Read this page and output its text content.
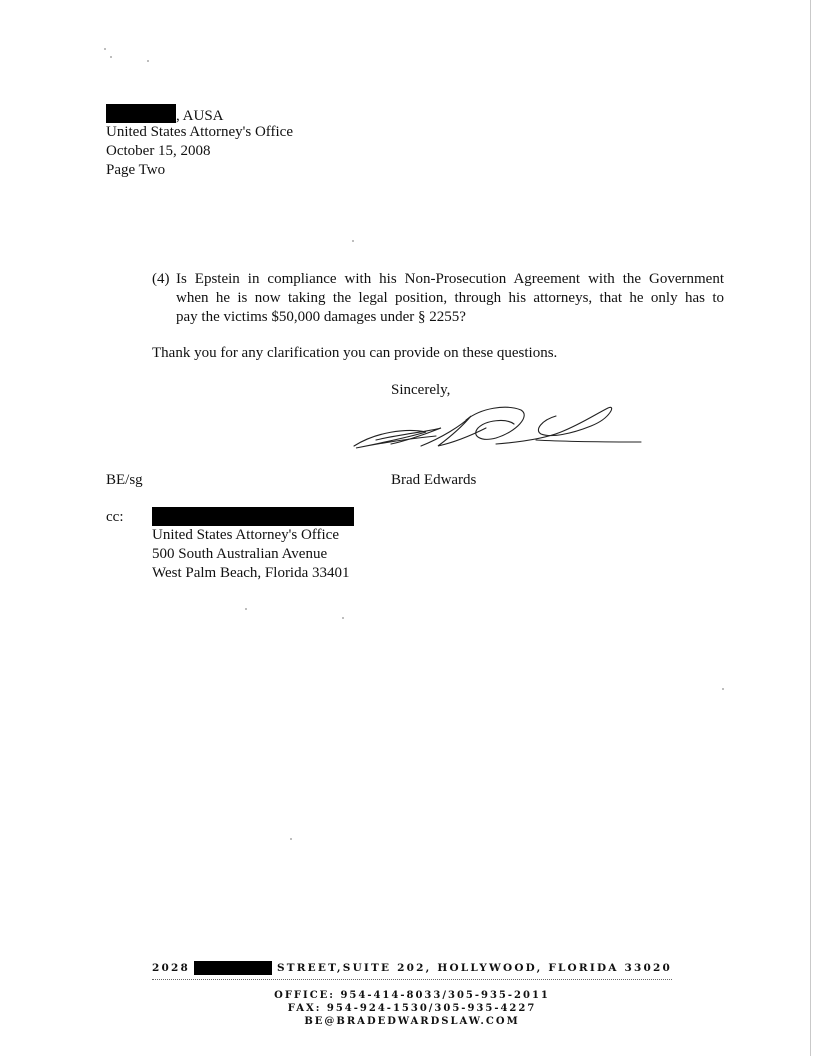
, AUSA
United States Attorney's Office
October 15, 2008
Page Two
(4) Is Epstein in compliance with his Non-Prosecution Agreement with the Government
when he is now taking the legal position, through his attorneys, that he only has to
pay the victims $50,000 damages under § 2255?
Thank you for any clarification you can provide on these questions.
Sincerely,
BE/sg	Brad Edwards
cc:
United States Attorney's Office
500 South Australian Avenue
West Palm Beach, Florida 33401
2028	STREET,SUITE 202, HOLLYWOOD, FLORIDA 33020
OFFICE: 954-414-8033/305-935-2011
FAX: 954-924-1530/305-935-4227
BE@BRADEDWARDSLAW.COM
